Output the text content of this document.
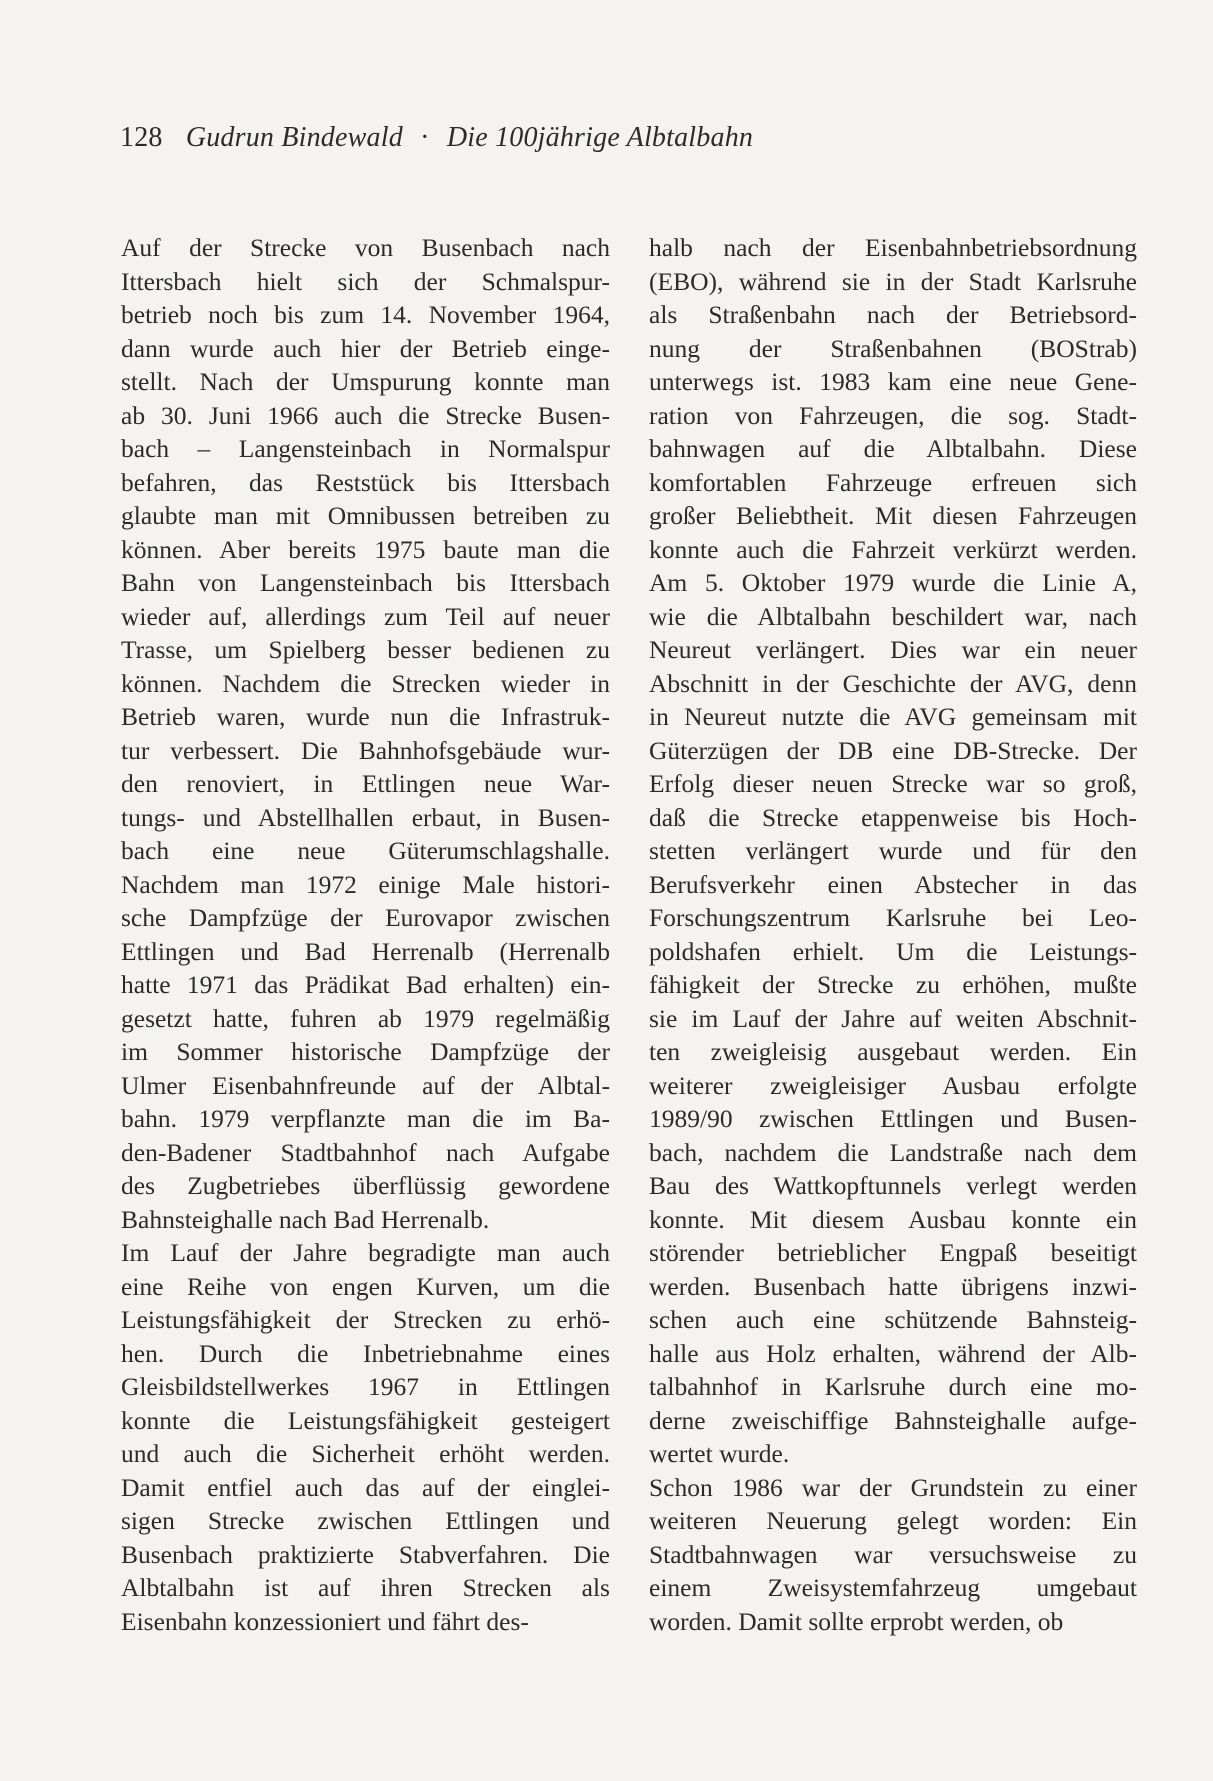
128 Gudrun Bindewald · Die 100jährige Albtalbahn

Auf der Strecke von Busenbach nach
Ittersbach hielt sich der Schmalspur-
betrieb noch bis zum 14. November 1964,
dann wurde auch hier der Betrieb einge-
stellt. Nach der Umspurung konnte man
ab 30. Juni 1966 auch die Strecke Busen-
bach – Langensteinbach in Normalspur
befahren, das Reststück bis Ittersbach
glaubte man mit Omnibussen betreiben zu
können. Aber bereits 1975 baute man die
Bahn von Langensteinbach bis Ittersbach
wieder auf, allerdings zum Teil auf neuer
Trasse, um Spielberg besser bedienen zu
können. Nachdem die Strecken wieder in
Betrieb waren, wurde nun die Infrastruk-
tur verbessert. Die Bahnhofsgebäude wur-
den renoviert, in Ettlingen neue War-
tungs- und Abstellhallen erbaut, in Busen-
bach eine neue Güterumschlagshalle.
Nachdem man 1972 einige Male histori-
sche Dampfzüge der Eurovapor zwischen
Ettlingen und Bad Herrenalb (Herrenalb
hatte 1971 das Prädikat Bad erhalten) ein-
gesetzt hatte, fuhren ab 1979 regelmäßig
im Sommer historische Dampfzüge der
Ulmer Eisenbahnfreunde auf der Albtal-
bahn. 1979 verpflanzte man die im Ba-
den-Badener Stadtbahnhof nach Aufgabe
des Zugbetriebes überflüssig gewordene
Bahnsteighalle nach Bad Herrenalb.

Im Lauf der Jahre begradigte man auch
eine Reihe von engen Kurven, um die
Leistungsfähigkeit der Strecken zu erhö-
hen. Durch die Inbetriebnahme eines
Gleisbildstellwerkes 1967 in Ettlingen
konnte die Leistungsfähigkeit gesteigert
und auch die Sicherheit erhöht werden.
Damit entfiel auch das auf der einglei-
sigen Strecke zwischen Ettlingen und
Busenbach praktizierte Stabverfahren. Die
Albtalbahn ist auf ihren Strecken als
Eisenbahn konzessioniert und fährt des-

halb nach der Eisenbahnbetriebsordnung
(EBO), während sie in der Stadt Karlsruhe
als Straßenbahn nach der Betriebsord-
nung der Straßenbahnen (BOStrab)
unterwegs ist. 1983 kam eine neue Gene-
ration von Fahrzeugen, die sog. Stadt-
bahnwagen auf die Albtalbahn. Diese
komfortablen Fahrzeuge erfreuen sich
großer Beliebtheit. Mit diesen Fahrzeugen
konnte auch die Fahrzeit verkürzt werden.
Am 5. Oktober 1979 wurde die Linie A,
wie die Albtalbahn beschildert war, nach
Neureut verlängert. Dies war ein neuer
Abschnitt in der Geschichte der AVG, denn
in Neureut nutzte die AVG gemeinsam mit
Güterzügen der DB eine DB-Strecke. Der
Erfolg dieser neuen Strecke war so groß,
daß die Strecke etappenweise bis Hoch-
stetten verlängert wurde und für den
Berufsverkehr einen Abstecher in das
Forschungszentrum Karlsruhe bei Leo-
poldshafen erhielt. Um die Leistungs-
fähigkeit der Strecke zu erhöhen, mußte
sie im Lauf der Jahre auf weiten Abschnit-
ten zweigleisig ausgebaut werden. Ein
weiterer zweigleisiger Ausbau erfolgte
1989/90 zwischen Ettlingen und Busen-
bach, nachdem die Landstraße nach dem
Bau des Wattkopftunnels verlegt werden
konnte. Mit diesem Ausbau konnte ein
störender betrieblicher Engpaß beseitigt
werden. Busenbach hatte übrigens inzwi-
schen auch eine schützende Bahnsteig-
halle aus Holz erhalten, während der Alb-
talbahnhof in Karlsruhe durch eine mo-
derne zweischiffige Bahnsteighalle aufge-
wertet wurde.

Schon 1986 war der Grundstein zu einer
weiteren Neuerung gelegt worden: Ein
Stadtbahnwagen war versuchsweise zu
einem Zweisystemfahrzeug umgebaut
worden. Damit sollte erprobt werden, ob
